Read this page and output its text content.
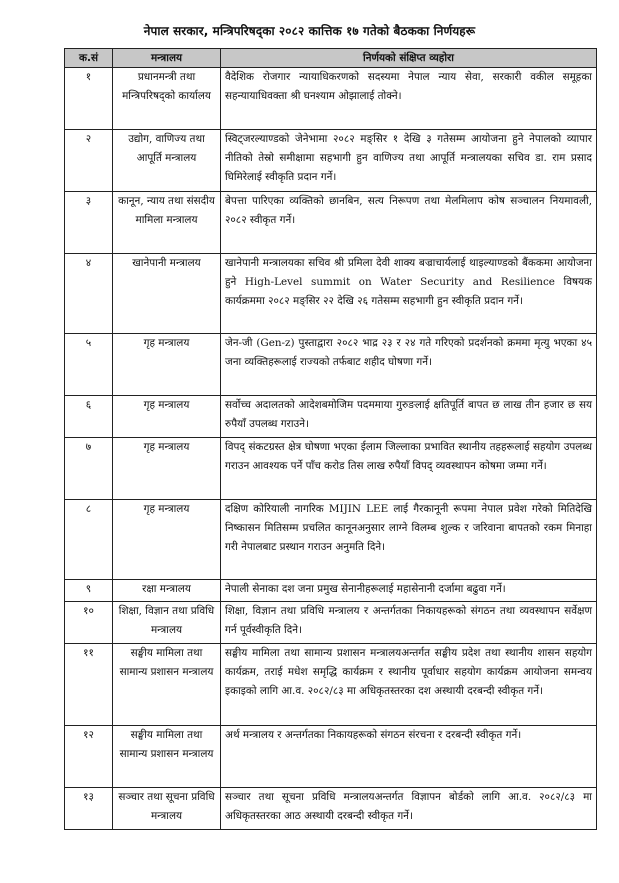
नेपाल सरकार, मन्त्रिपरिषद्का २०८२ कात्तिक १७ गतेको बैठकका निर्णयहरू
क.सं	मन्त्रालय	निर्णयको संक्षिप्त व्यहोरा
१	प्रधानमन्त्री तथा मन्त्रिपरिषद्को कार्यालय	वैदेशिक रोजगार न्यायाधिकरणको सदस्यमा नेपाल न्याय सेवा, सरकारी वकील समूहका सहन्यायाधिवक्ता श्री घनश्याम ओझालाई तोक्ने।
२	उद्योग, वाणिज्य तथा आपूर्ति मन्त्रालय	स्विट्जरल्याण्डको जेनेभामा २०८२ मङ्सिर १ देखि ३ गतेसम्म आयोजना हुने नेपालको व्यापार नीतिको तेस्रो समीक्षामा सहभागी हुन वाणिज्य तथा आपूर्ति मन्त्रालयका सचिव डा. राम प्रसाद घिमिरेलाई स्वीकृति प्रदान गर्ने।
३	कानून, न्याय तथा संसदीय मामिला मन्त्रालय	बेपत्ता पारिएका व्यक्तिको छानबिन, सत्य निरूपण तथा मेलमिलाप कोष सञ्चालन नियमावली, २०८२ स्वीकृत गर्ने।
४	खानेपानी मन्त्रालय	खानेपानी मन्त्रालयका सचिव श्री प्रमिला देवी शाक्य बज्राचार्यलाई थाइल्याण्डको बैंककमा आयोजना हुने High-Level summit on Water Security and Resilience विषयक कार्यक्रममा २०८२ मङ्सिर २२ देखि २६ गतेसम्म सहभागी हुन स्वीकृति प्रदान गर्ने।
५	गृह मन्त्रालय	जेन-जी (Gen-z) पुस्ताद्वारा २०८२ भाद्र २३ र २४ गते गरिएको प्रदर्शनको क्रममा मृत्यु भएका ४५ जना व्यक्तिहरूलाई राज्यको तर्फबाट शहीद घोषणा गर्ने।
६	गृह मन्त्रालय	सर्वोच्च अदालतको आदेशबमोजिम पदममाया गुरुङलाई क्षतिपूर्ति बापत छ लाख तीन हजार छ सय रुपैयाँ उपलब्ध गराउने।
७	गृह मन्त्रालय	विपद् संकटग्रस्त क्षेत्र घोषणा भएका ईलाम जिल्लाका प्रभावित स्थानीय तहहरूलाई सहयोग उपलब्ध गराउन आवश्यक पर्ने पाँच करोड तिस लाख रुपैयाँ विपद् व्यवस्थापन कोषमा जम्मा गर्ने।
८	गृह मन्त्रालय	दक्षिण कोरियाली नागरिक MIJIN LEE लाई गैरकानूनी रूपमा नेपाल प्रवेश गरेको मितिदेखि निष्कासन मितिसम्म प्रचलित कानूनअनुसार लाग्ने विलम्ब शुल्क र जरिवाना बापतको रकम मिनाहा गरी नेपालबाट प्रस्थान गराउन अनुमति दिने।
९	रक्षा मन्त्रालय	नेपाली सेनाका दश जना प्रमुख सेनानीहरूलाई महासेनानी दर्जामा बढुवा गर्ने।
१०	शिक्षा, विज्ञान तथा प्रविधि मन्त्रालय	शिक्षा, विज्ञान तथा प्रविधि मन्त्रालय र अन्तर्गतका निकायहरूको संगठन तथा व्यवस्थापन सर्वेक्षण गर्न पूर्वस्वीकृति दिने।
११	सङ्घीय मामिला तथा सामान्य प्रशासन मन्त्रालय	सङ्घीय मामिला तथा सामान्य प्रशासन मन्त्रालयअन्तर्गत सङ्घीय प्रदेश तथा स्थानीय शासन सहयोग कार्यक्रम, तराई मधेश समृद्धि कार्यक्रम र स्थानीय पूर्वाधार सहयोग कार्यक्रम आयोजना समन्वय इकाइको लागि आ.व. २०८२/८३ मा अधिकृतस्तरका दश अस्थायी दरबन्दी स्वीकृत गर्ने।
१२	सङ्घीय मामिला तथा सामान्य प्रशासन मन्त्रालय	अर्थ मन्त्रालय र अन्तर्गतका निकायहरूको संगठन संरचना र दरबन्दी स्वीकृत गर्ने।
१३	सञ्चार तथा सूचना प्रविधि मन्त्रालय	सञ्चार तथा सूचना प्रविधि मन्त्रालयअन्तर्गत विज्ञापन बोर्डको लागि आ.व. २०८२/८३ मा अधिकृतस्तरका आठ अस्थायी दरबन्दी स्वीकृत गर्ने।
